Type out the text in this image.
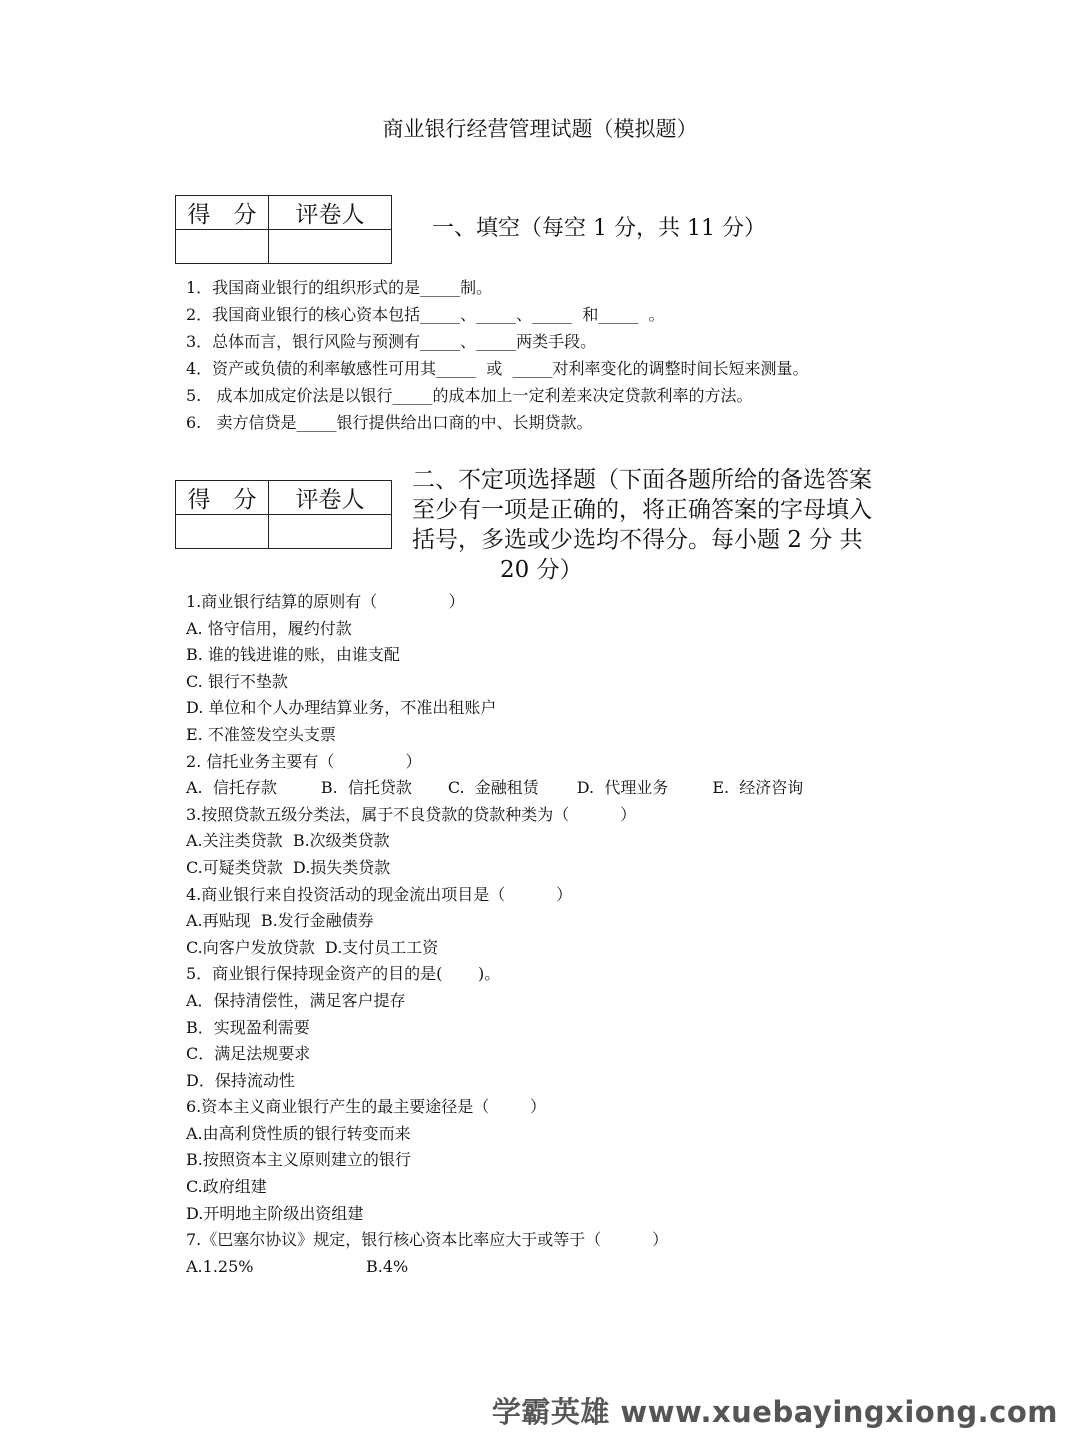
商业银行经营管理试题（模拟题）
得　分	评卷人

一、填空（每空 1 分，共 11 分）
1．我国商业银行的组织形式的是_____制。
2．我国商业银行的核心资本包括_____、_____、_____  和_____  。
3．总体而言，银行风险与预测有_____、_____两类手段。
4．资产或负债的利率敏感性可用其_____  或  _____对利率变化的调整时间长短来测量。
5.   成本加成定价法是以银行_____的成本加上一定利差来决定贷款利率的方法。
6.   卖方信贷是_____银行提供给出口商的中、长期贷款。
得　分	评卷人

二、不定项选择题（下面各题所给的备选答案
至少有一项是正确的，将正确答案的字母填入
括号，多选或少选均不得分。每小题 2 分 共
20 分）
1.商业银行结算的原则有（              ）
A. 恪守信用，履约付款
B. 谁的钱进谁的账，由谁支配
C. 银行不垫款
D. 单位和个人办理结算业务，不准出租账户
E. 不准签发空头支票
2. 信托业务主要有（              ）
A.  信托存款	B.  信托贷款 C.  金融租赁 D.  代理业务	E.  经济咨询
3.按照贷款五级分类法，属于不良贷款的贷款种类为（          ）
A.关注类贷款  B.次级类贷款
C.可疑类贷款  D.损失类贷款
4.商业银行来自投资活动的现金流出项目是（          ）
A.再贴现  B.发行金融债券
C.向客户发放贷款  D.支付员工工资
5．商业银行保持现金资产的目的是(       )。
A．保持清偿性，满足客户提存
B．实现盈利需要
C．满足法规要求
D．保持流动性
6.资本主义商业银行产生的最主要途径是（        ）
A.由高利贷性质的银行转变而来
B.按照资本主义原则建立的银行
C.政府组建
D.开明地主阶级出资组建
7.《巴塞尔协议》规定，银行核心资本比率应大于或等于（          ）
A.1.25%	B.4%
学霸英雄 www.xuebayingxiong.com
